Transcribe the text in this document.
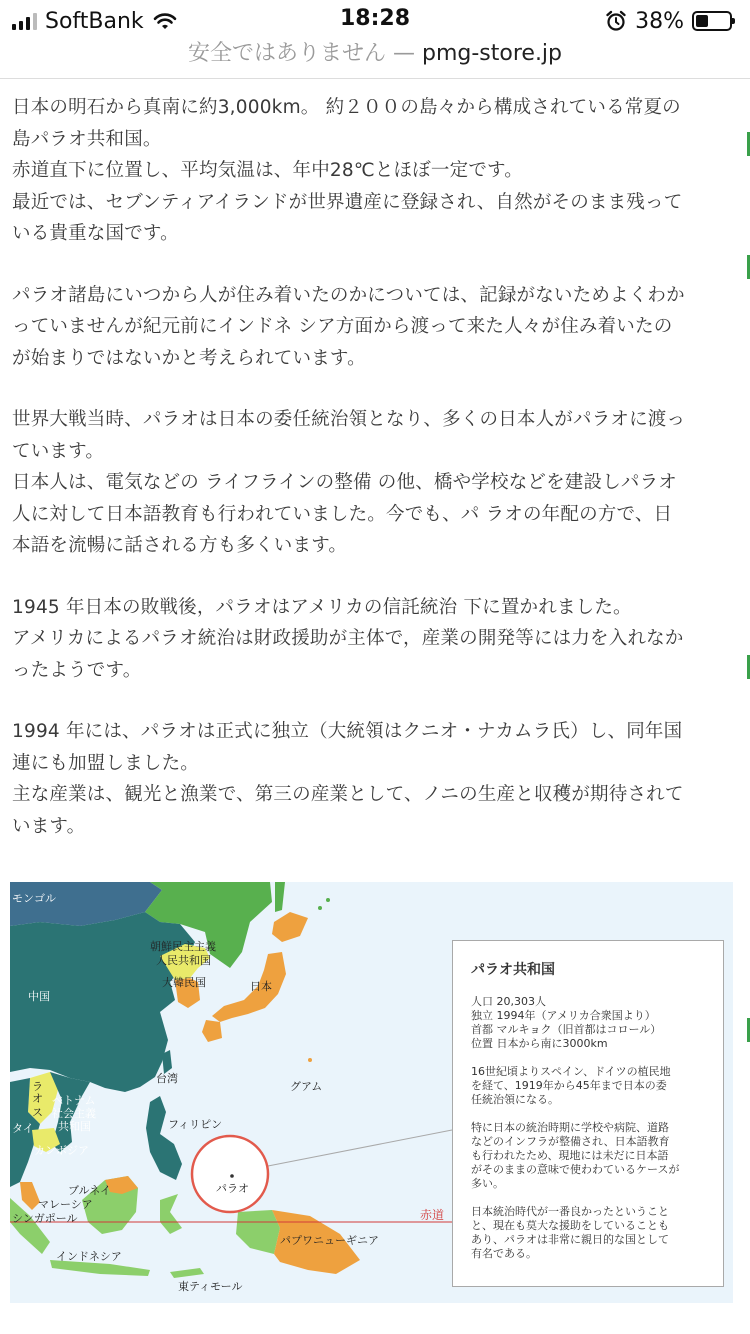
SoftBank	18:28	38%
安全ではありません — pmg-store.jp

日本の明石から真南に約3,000km。 約２００の島々から構成されている常夏の
島パラオ共和国。
赤道直下に位置し、平均気温は、年中28℃とほぼ一定です。
最近では、セブンティアイランドが世界遺産に登録され、自然がそのまま残って
いる貴重な国です。

パラオ諸島にいつから人が住み着いたのかについては、記録がないためよくわか
っていませんが紀元前にインドネ シア方面から渡って来た人々が住み着いたの
が始まりではないかと考えられています。

世界大戦当時、パラオは日本の委任統治領となり、多くの日本人がパラオに渡っ
ています。
日本人は、電気などの ライフラインの整備 の他、橋や学校などを建設しパラオ
人に対して日本語教育も行われていました。今でも、パ ラオの年配の方で、日
本語を流暢に話される方も多くいます。

1945 年日本の敗戦後，パラオはアメリカの信託統治 下に置かれました。
アメリカによるパラオ統治は財政援助が主体で，産業の開発等には力を入れなか
ったようです。

1994 年には、パラオは正式に独立（大統領はクニオ・ナカムラ氏）し、同年国
連にも加盟しました。
主な産業は、観光と漁業で、第三の産業として、ノニの生産と収穫が期待されて
います。

モンゴル
朝鮮民主主義
人民共和国
大韓民国	日本
中国
台湾
グアム
フィリピン
ラ
オ
ス
ベトナム
社会主義
共和国
タイ
カンボジア
パラオ
ブルネイ
マレーシア
シンガポール	赤道
パプワニューギニア
インドネシア
東ティモール
パラオ共和国
人口 20,303人
独立 1994年（アメリカ合衆国より）
首都 マルキョク（旧首都はコロール）
位置 日本から南に3000km
16世紀頃よりスペイン、ドイツの植民地
を経て、1919年から45年まで日本の委
任統治領になる。
特に日本の統治時期に学校や病院、道路
などのインフラが整備され、日本語教育
も行われたため、現地には未だに日本語
がそのままの意味で使わわているケースが
多い。
日本統治時代が一番良かったということ
と、現在も莫大な援助をしていることも
あり、パラオは非常に親日的な国として
有名である。
